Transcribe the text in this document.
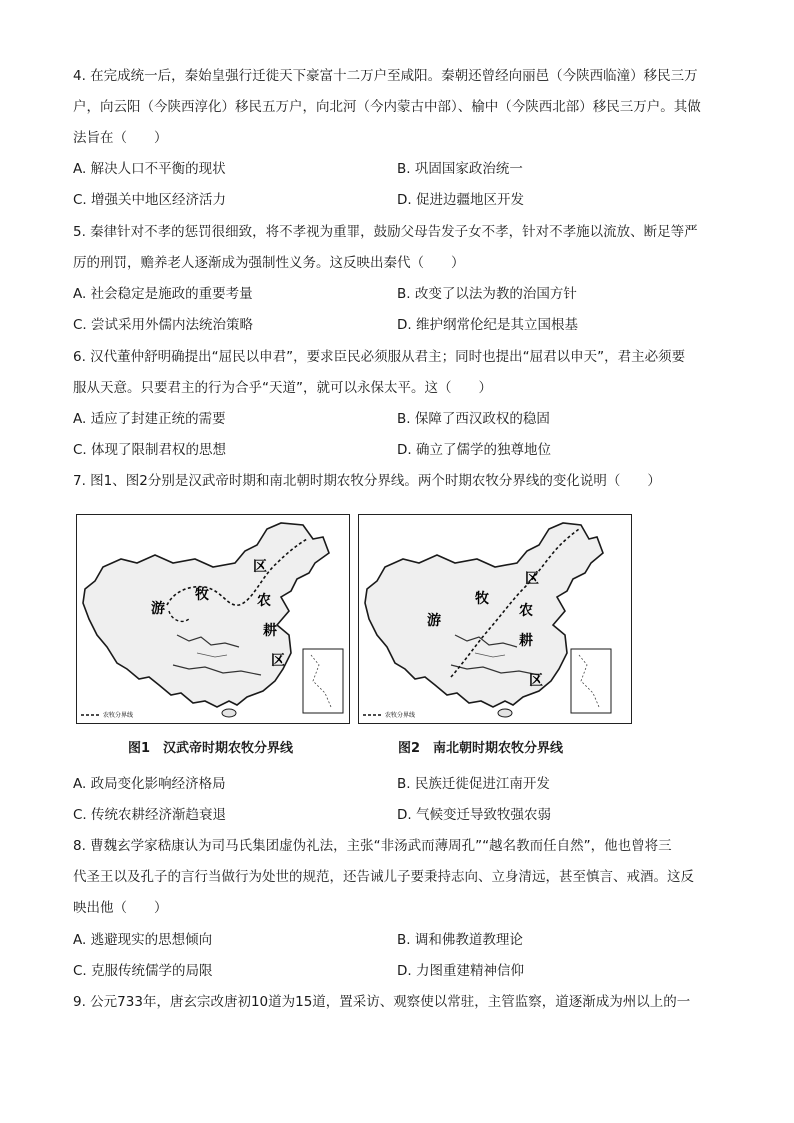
4. 在完成统一后，秦始皇强行迁徙天下豪富十二万户至咸阳。秦朝还曾经向丽邑（今陕西临潼）移民三万
户，向云阳（今陕西淳化）移民五万户，向北河（今内蒙古中部）、榆中（今陕西北部）移民三万户。其做
法旨在（　　）
A. 解决人口不平衡的现状	B. 巩固国家政治统一
C. 增强关中地区经济活力	D. 促进边疆地区开发
5. 秦律针对不孝的惩罚很细致，将不孝视为重罪，鼓励父母告发子女不孝，针对不孝施以流放、断足等严
厉的刑罚，赡养老人逐渐成为强制性义务。这反映出秦代（　　）
A. 社会稳定是施政的重要考量	B. 改变了以法为教的治国方针
C. 尝试采用外儒内法统治策略	D. 维护纲常伦纪是其立国根基
6. 汉代董仲舒明确提出“屈民以申君”，要求臣民必须服从君主；同时也提出“屈君以申天”，君主必须要
服从天意。只要君主的行为合乎“天道”，就可以永保太平。这（　　）
A. 适应了封建正统的需要	B. 保障了西汉政权的稳固
C. 体现了限制君权的思想	D. 确立了儒学的独尊地位
7. 图1、图2分别是汉武帝时期和南北朝时期农牧分界线。两个时期农牧分界线的变化说明（　　）
农牧分界线
牧
游
区
农
耕
区
农牧分界线
牧
游
区
农
耕
区
图1　汉武帝时期农牧分界线	图2　南北朝时期农牧分界线
A. 政局变化影响经济格局	B. 民族迁徙促进江南开发
C. 传统农耕经济渐趋衰退	D. 气候变迁导致牧强农弱
8. 曹魏玄学家嵇康认为司马氏集团虚伪礼法，主张“非汤武而薄周孔”“越名教而任自然”，他也曾将三
代圣王以及孔子的言行当做行为处世的规范，还告诫儿子要秉持志向、立身清远，甚至慎言、戒酒。这反
映出他（　　）
A. 逃避现实的思想倾向	B. 调和佛教道教理论
C. 克服传统儒学的局限	D. 力图重建精神信仰
9. 公元733年，唐玄宗改唐初10道为15道，置采访、观察使以常驻，主管监察，道逐渐成为州以上的一
